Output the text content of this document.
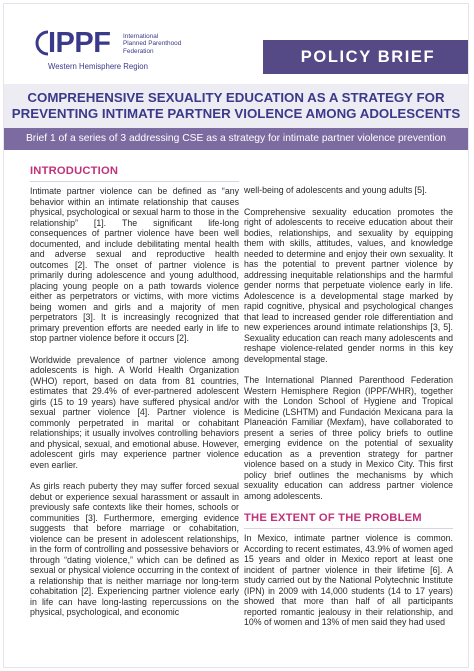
IPPF International
Planned Parenthood
Federation
Western Hemisphere Region
POLICY BRIEF
COMPREHENSIVE SEXUALITY EDUCATION AS A STRATEGY FOR
PREVENTING INTIMATE PARTNER VIOLENCE AMONG ADOLESCENTS
Brief 1 of a series of 3 addressing CSE as a strategy for intimate partner violence prevention
INTRODUCTION

Intimate partner violence can be defined as “any behavior within an intimate relationship that causes physical, psychological or sexual harm to those in the relationship” [1]. The significant life-long consequences of partner violence have been well documented, and include debilitating mental health and adverse sexual and reproductive health outcomes [2]. The onset of partner violence is primarily during adolescence and young adulthood, placing young people on a path towards violence either as perpetrators or victims, with more victims being women and girls and a majority of men perpetrators [3]. It is increasingly recognized that primary prevention efforts are needed early in life to stop partner violence before it occurs [2].

Worldwide prevalence of partner violence among adolescents is high. A World Health Organization (WHO) report, based on data from 81 countries, estimates that 29.4% of ever-partnered adolescent girls (15 to 19 years) have suffered physical and/or sexual partner violence [4]. Partner violence is commonly perpetrated in marital or cohabitant relationships; it usually involves controlling behaviors and physical, sexual, and emotional abuse. However, adolescent girls may experience partner violence even earlier.

As girls reach puberty they may suffer forced sexual debut or experience sexual harassment or assault in previously safe contexts like their homes, schools or communities [3]. Furthermore, emerging evidence suggests that before marriage or cohabitation, violence can be present in adolescent relationships, in the form of controlling and possessive behaviors or through “dating violence,” which can be defined as sexual or physical violence occurring in the context of a relationship that is neither marriage nor long-term cohabitation [2]. Experiencing partner violence early in life can have long-lasting repercussions on the physical, psychological, and economic

well-being of adolescents and young adults [5].

Comprehensive sexuality education promotes the right of adolescents to receive education about their bodies, relationships, and sexuality by equipping them with skills, attitudes, values, and knowledge needed to determine and enjoy their own sexuality. It has the potential to prevent partner violence by addressing inequitable relationships and the harmful gender norms that perpetuate violence early in life. Adolescence is a developmental stage marked by rapid cognitive, physical and psychological changes that lead to increased gender role differentiation and new experiences around intimate relationships [3, 5]. Sexuality education can reach many adolescents and reshape violence-related gender norms in this key developmental stage.

The International Planned Parenthood Federation Western Hemisphere Region (IPPF/WHR), together with the London School of Hygiene and Tropical Medicine (LSHTM) and Fundación Mexicana para la Planeación Familiar (Mexfam), have collaborated to present a series of three policy briefs to outline emerging evidence on the potential of sexuality education as a prevention strategy for partner violence based on a study in Mexico City. This first policy brief outlines the mechanisms by which sexuality education can address partner violence among adolescents.

THE EXTENT OF THE PROBLEM

In Mexico, intimate partner violence is common. According to recent estimates, 43.9% of women aged 15 years and older in Mexico report at least one incident of partner violence in their lifetime [6]. A study carried out by the National Polytechnic Institute (IPN) in 2009 with 14,000 students (14 to 17 years) showed that more than half of all participants reported romantic jealousy in their relationship, and 10% of women and 13% of men said they had used
